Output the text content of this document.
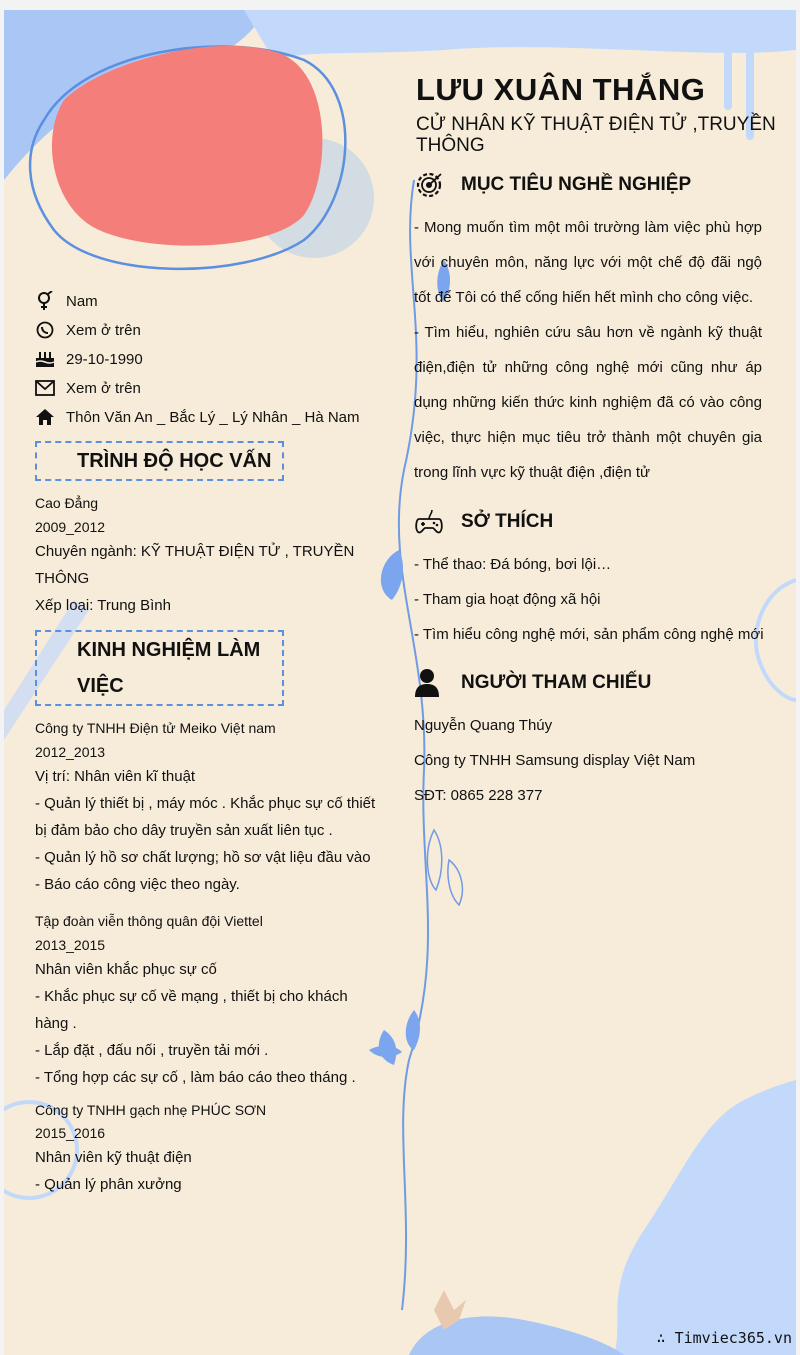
LƯU XUÂN THẮNG
CỬ NHÂN KỸ THUẬT ĐIỆN TỬ ,TRUYỀN THÔNG
Nam
Xem ở trên
29-10-1990
Xem ở trên
Thôn Văn An _ Bắc Lý _ Lý Nhân _ Hà Nam
TRÌNH ĐỘ HỌC VẤN
Cao Đẳng
2009_2012
Chuyên ngành: KỸ THUẬT ĐIỆN TỬ , TRUYỀN
THÔNG
Xếp loại: Trung Bình
KINH NGHIỆM LÀM
VIỆC
Công ty TNHH Điện tử Meiko Việt nam
2012_2013
Vị trí: Nhân viên kĩ thuật
- Quản lý thiết bị , máy móc . Khắc phục sự cố thiết
bị đảm bảo cho dây truyền sản xuất liên tục .
- Quản lý hồ sơ chất lượng; hồ sơ vật liệu đầu vào
- Báo cáo công việc theo ngày.
Tập đoàn viễn thông quân đội Viettel
2013_2015
Nhân viên khắc phục sự cố
- Khắc phục sự cố về mạng , thiết bị cho khách
hàng .
- Lắp đặt , đấu nối , truyền tải mới .
- Tổng hợp các sự cố , làm báo cáo theo tháng .
Công ty TNHH gạch nhẹ PHÚC SƠN
2015_2016
Nhân viên kỹ thuật điện
- Quản lý phân xưởng
MỤC TIÊU NGHỀ NGHIỆP
- Mong muốn tìm một môi trường làm việc phù hợp với chuyên môn, năng lực với một chế độ đãi ngộ tốt để Tôi có thể cống hiến hết mình cho công việc.
- Tìm hiểu, nghiên cứu sâu hơn về ngành kỹ thuật điện,điện tử những công nghệ mới cũng như áp dụng những kiến thức kinh nghiệm đã có vào công việc, thực hiện mục tiêu trở thành một chuyên gia trong lĩnh vực kỹ thuật điện ,điện tử
SỞ THÍCH
- Thể thao: Đá bóng, bơi lội…
- Tham gia hoạt động xã hội
- Tìm hiểu công nghệ mới, sản phẩm công nghệ mới
NGƯỜI THAM CHIẾU
Nguyễn Quang Thúy
Công ty TNHH Samsung display Việt Nam
SĐT: 0865 228 377
∴ Timviec365.vn
